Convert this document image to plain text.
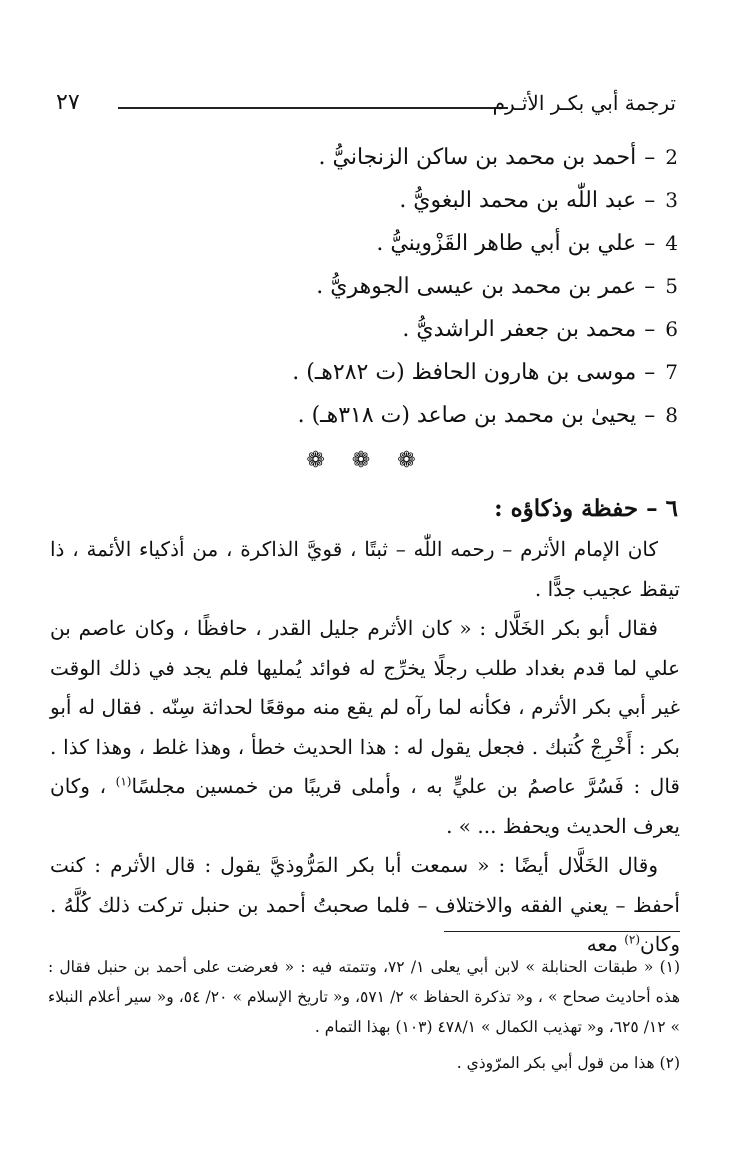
٢٧	ترجمة أبي بكـر الأثـرم
2
–
أحمد بن محمد بن ساكن الزنجانيُّ .
3
–
عبد اللّٰه بن محمد البغويُّ .
4
–
علي بن أبي طاهر القَزْوينيُّ .
5
–
عمر بن محمد بن عيسى الجوهريُّ .
6
–
محمد بن جعفر الراشديُّ .
7
–
موسى بن هارون الحافظ (ت ٢٨٢هـ) .
8
–
يحيىٰ بن محمد بن صاعد (ت ٣١٨هـ) .
❁ ❁ ❁
٦ – حفظة وذكاؤه :

كان الإمام الأثرم – رحمه اللّٰه – ثبتًا ، قويَّ الذاكرة ، من أذكياء الأئمة ، ذا تيقظ عجيب جدًّا .

فقال أبو بكر الخَلَّال : « كان الأثرم جليل القدر ، حافظًا ، وكان عاصم بن علي لما قدم بغداد طلب رجلًا يخرِّج له فوائد يُمليها فلم يجد في ذلك الوقت غير أبي بكر الأثرم ، فكأنه لما رآه لم يقع منه موقعًا لحداثة سِنّه . فقال له أبو بكر : أَخْرِجْ كُتبك . فجعل يقول له : هذا الحديث خطأ ، وهذا غلط ، وهذا كذا . قال : فَسُرَّ عاصمُ بن عليٍّ به ، وأملى قريبًا من خمسين مجلسًا$^{(١)}$ ، وكان يعرف الحديث ويحفظ ... » .

وقال الخَلَّال أيضًا : « سمعت أبا بكر المَرُّوذيَّ يقول : قال الأثرم : كنت أحفظ – يعني الفقه والاختلاف – فلما صحبتُ أحمد بن حنبل تركت ذلك كُلَّهُ . وكان$^{(٢)}$ معه

(١) « طبقات الحنابلة » لابن أبي يعلى ١/ ٧٢، وتتمته فيه : « فعرضت على أحمد بن حنبل فقال : هذه أحاديث صحاح » ، و« تذكرة الحفاظ » ٢/ ٥٧١، و« تاريخ الإسلام » ٢٠/ ٥٤، و« سير أعلام النبلاء » ١٢/ ٦٢٥، و« تهذيب الكمال » ٤٧٨/١ (١٠٣) بهذا التمام .

(٢) هذا من قول أبي بكر المرّوذي .
